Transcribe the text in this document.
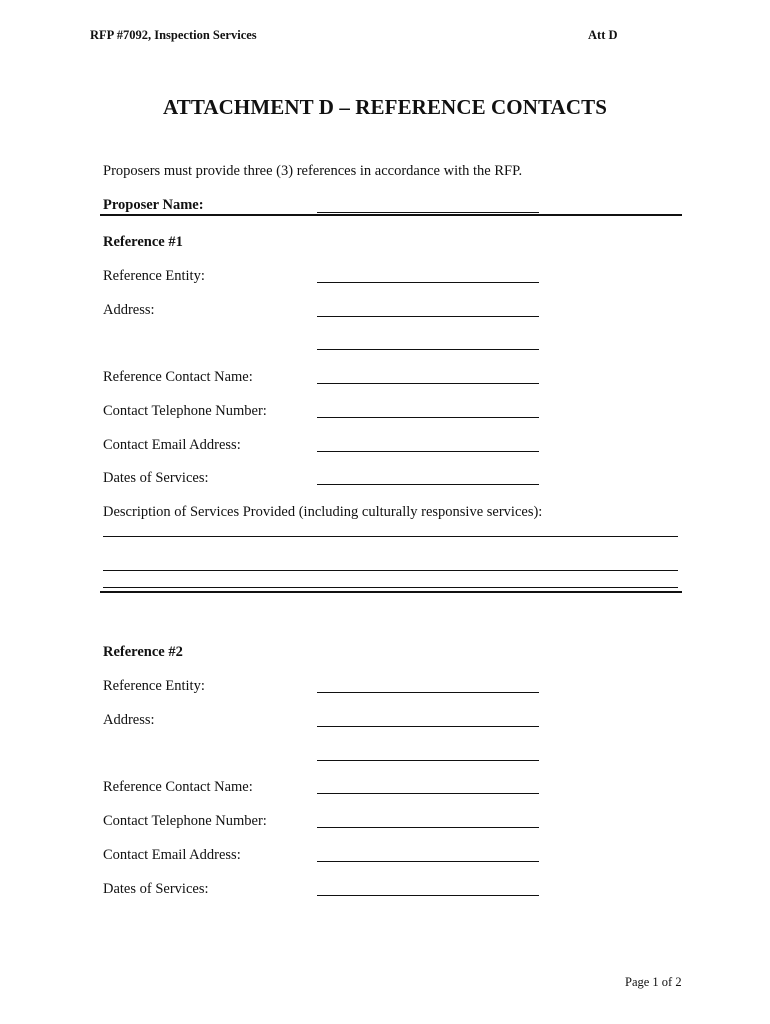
RFP #7092, Inspection Services	Att D
ATTACHMENT D – REFERENCE CONTACTS
Proposers must provide three (3) references in accordance with the RFP.
Proposer Name:
Reference #1
Reference Entity:
Address:
Reference Contact Name:
Contact Telephone Number:
Contact Email Address:
Dates of Services:
Description of Services Provided (including culturally responsive services):
Reference #2
Reference Entity:
Address:
Reference Contact Name:
Contact Telephone Number:
Contact Email Address:
Dates of Services:
Page 1 of 2
